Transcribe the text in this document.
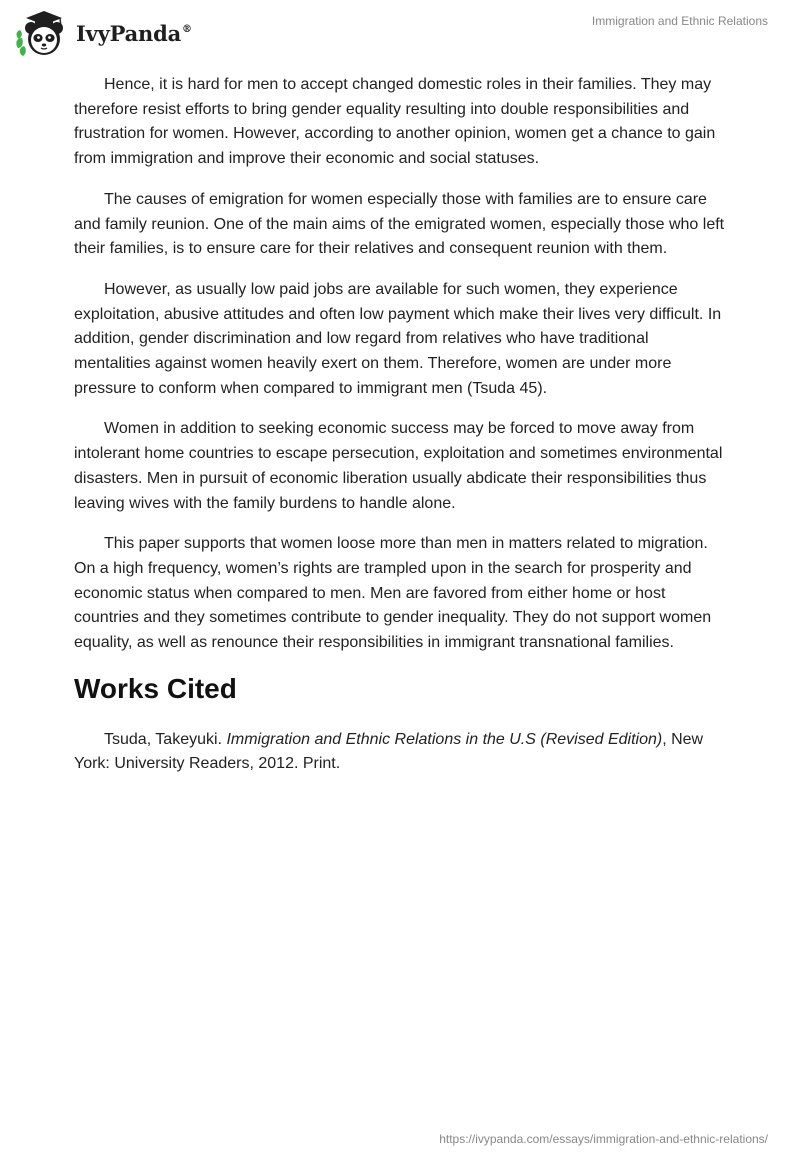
IvyPanda®
Immigration and Ethnic Relations

Hence, it is hard for men to accept changed domestic roles in their families. They may therefore resist efforts to bring gender equality resulting into double responsibilities and frustration for women. However, according to another opinion, women get a chance to gain from immigration and improve their economic and social statuses.

The causes of emigration for women especially those with families are to ensure care and family reunion. One of the main aims of the emigrated women, especially those who left their families, is to ensure care for their relatives and consequent reunion with them.

However, as usually low paid jobs are available for such women, they experience exploitation, abusive attitudes and often low payment which make their lives very difficult. In addition, gender discrimination and low regard from relatives who have traditional mentalities against women heavily exert on them. Therefore, women are under more pressure to conform when compared to immigrant men (Tsuda 45).

Women in addition to seeking economic success may be forced to move away from intolerant home countries to escape persecution, exploitation and sometimes environmental disasters. Men in pursuit of economic liberation usually abdicate their responsibilities thus leaving wives with the family burdens to handle alone.

This paper supports that women loose more than men in matters related to migration. On a high frequency, women’s rights are trampled upon in the search for prosperity and economic status when compared to men. Men are favored from either home or host countries and they sometimes contribute to gender inequality. They do not support women equality, as well as renounce their responsibilities in immigrant transnational families.

Works Cited

Tsuda, Takeyuki. Immigration and Ethnic Relations in the U.S (Revised Edition), New York: University Readers, 2012. Print.

https://ivypanda.com/essays/immigration-and-ethnic-relations/
